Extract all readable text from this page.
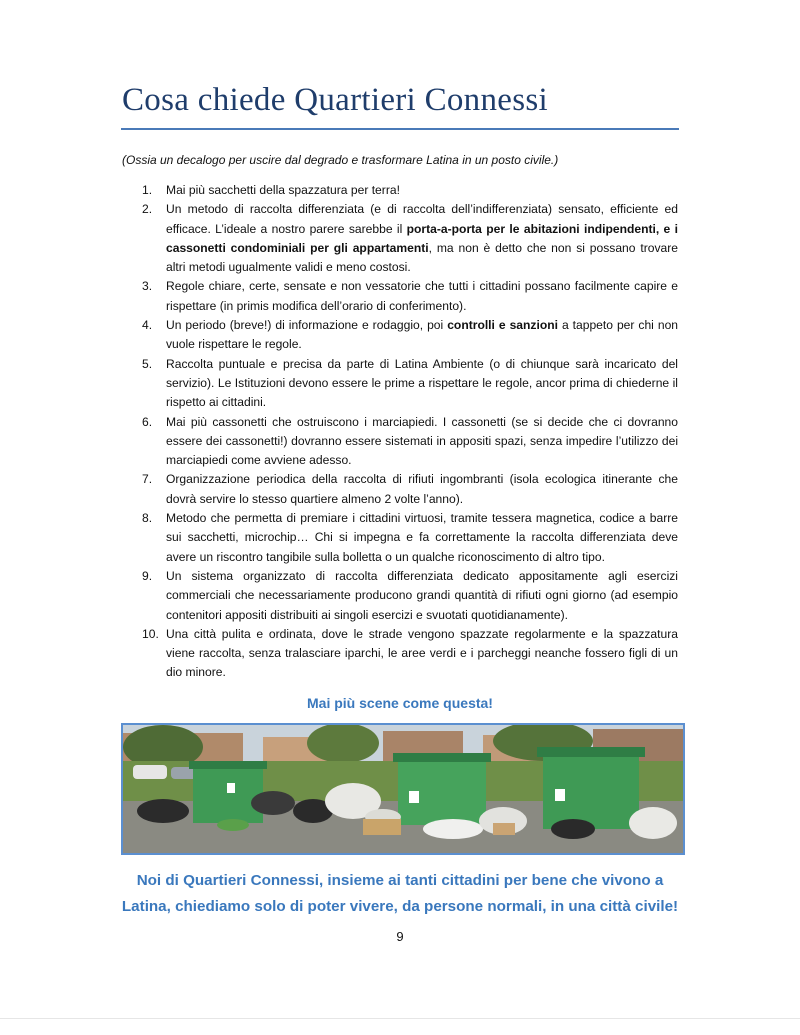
Cosa chiede Quartieri Connessi
(Ossia un decalogo per uscire dal degrado e trasformare Latina in un posto civile.)
1. Mai più sacchetti della spazzatura per terra!
2. Un metodo di raccolta differenziata (e di raccolta dell’indifferenziata) sensato, efficiente ed efficace. L’ideale a nostro parere sarebbe il porta-a-porta per le abitazioni indipendenti, e i cassonetti condominiali per gli appartamenti, ma non è detto che non si possano trovare altri metodi ugualmente validi e meno costosi.
3. Regole chiare, certe, sensate e non vessatorie che tutti i cittadini possano facilmente capire e rispettare (in primis modifica dell’orario di conferimento).
4. Un periodo (breve!) di informazione e rodaggio, poi controlli e sanzioni a tappeto per chi non vuole rispettare le regole.
5. Raccolta puntuale e precisa da parte di Latina Ambiente (o di chiunque sarà incaricato del servizio). Le Istituzioni devono essere le prime a rispettare le regole, ancor prima di chiederne il rispetto ai cittadini.
6. Mai più cassonetti che ostruiscono i marciapiedi. I cassonetti (se si decide che ci dovranno essere dei cassonetti!) dovranno essere sistemati in appositi spazi, senza impedire l’utilizzo dei marciapiedi come avviene adesso.
7. Organizzazione periodica della raccolta di rifiuti ingombranti (isola ecologica itinerante che dovrà servire lo stesso quartiere almeno 2 volte l’anno).
8. Metodo che permetta di premiare i cittadini virtuosi, tramite tessera magnetica, codice a barre sui sacchetti, microchip… Chi si impegna e fa correttamente la raccolta differenziata deve avere un riscontro tangibile sulla bolletta o un qualche riconoscimento di altro tipo.
9. Un sistema organizzato di raccolta differenziata dedicato appositamente agli esercizi commerciali che necessariamente producono grandi quantità di rifiuti ogni giorno (ad esempio contenitori appositi distribuiti ai singoli esercizi e svuotati quotidianamente).
10. Una città pulita e ordinata, dove le strade vengono spazzate regolarmente e la spazzatura viene raccolta, senza tralasciare iparchi, le aree verdi e i parcheggi neanche fossero figli di un dio minore.
Mai più scene come questa!
Noi di Quartieri Connessi, insieme ai tanti cittadini per bene che vivono a
Latina, chiediamo solo di poter vivere, da persone normali, in una città civile!
9
